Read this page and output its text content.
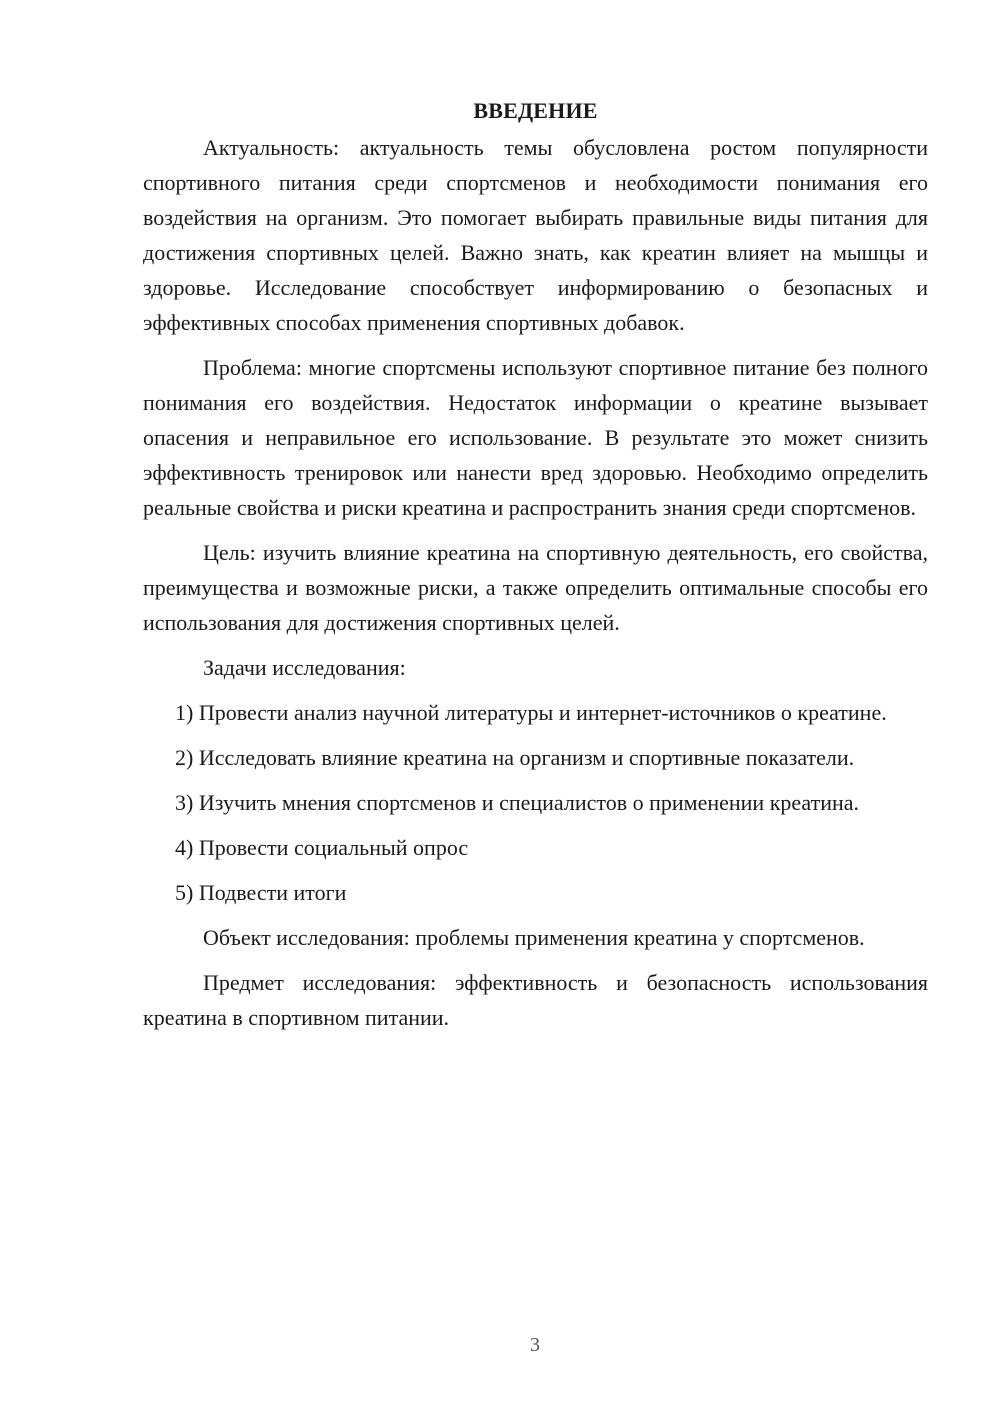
ВВЕДЕНИЕ

Актуальность: актуальность темы обусловлена ростом популярности спортивного питания среди спортсменов и необходимости понимания его воздействия на организм. Это помогает выбирать правильные виды питания для достижения спортивных целей. Важно знать, как креатин влияет на мышцы и здоровье. Исследование способствует информированию о безопасных и эффективных способах применения спортивных добавок.

Проблема: многие спортсмены используют спортивное питание без полного понимания его воздействия. Недостаток информации о креатине вызывает опасения и неправильное его использование. В результате это может снизить эффективность тренировок или нанести вред здоровью. Необходимо определить реальные свойства и риски креатина и распространить знания среди спортсменов.

Цель: изучить влияние креатина на спортивную деятельность, его свойства, преимущества и возможные риски, а также определить оптимальные способы его использования для достижения спортивных целей.

Задачи исследования:

1) Провести анализ научной литературы и интернет-источников о креатине.

2) Исследовать влияние креатина на организм и спортивные показатели.

3) Изучить мнения спортсменов и специалистов о применении креатина.

4) Провести социальный опрос

5) Подвести итоги

Объект исследования: проблемы применения креатина у спортсменов.

Предмет исследования: эффективность и безопасность использования креатина в спортивном питании.

3
